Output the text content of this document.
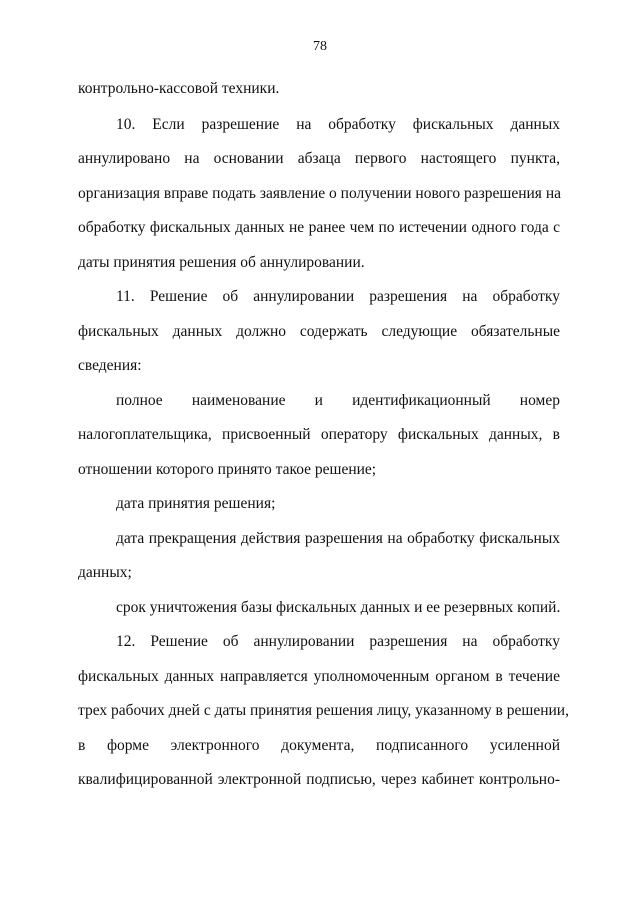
78
контрольно-кассовой техники.
10. Если разрешение на обработку фискальных данных
аннулировано на основании абзаца первого настоящего пункта,
организация вправе подать заявление о получении нового разрешения на
обработку фискальных данных не ранее чем по истечении одного года с
даты принятия решения об аннулировании.
11. Решение об аннулировании разрешения на обработку
фискальных данных должно содержать следующие обязательные
сведения:
полное наименование и идентификационный номер
налогоплательщика, присвоенный оператору фискальных данных, в
отношении которого принято такое решение;
дата принятия решения;
дата прекращения действия разрешения на обработку фискальных
данных;
срок уничтожения базы фискальных данных и ее резервных копий.
12. Решение об аннулировании разрешения на обработку
фискальных данных направляется уполномоченным органом в течение
трех рабочих дней с даты принятия решения лицу, указанному в решении,
в форме электронного документа, подписанного усиленной
квалифицированной электронной подписью, через кабинет контрольно-
